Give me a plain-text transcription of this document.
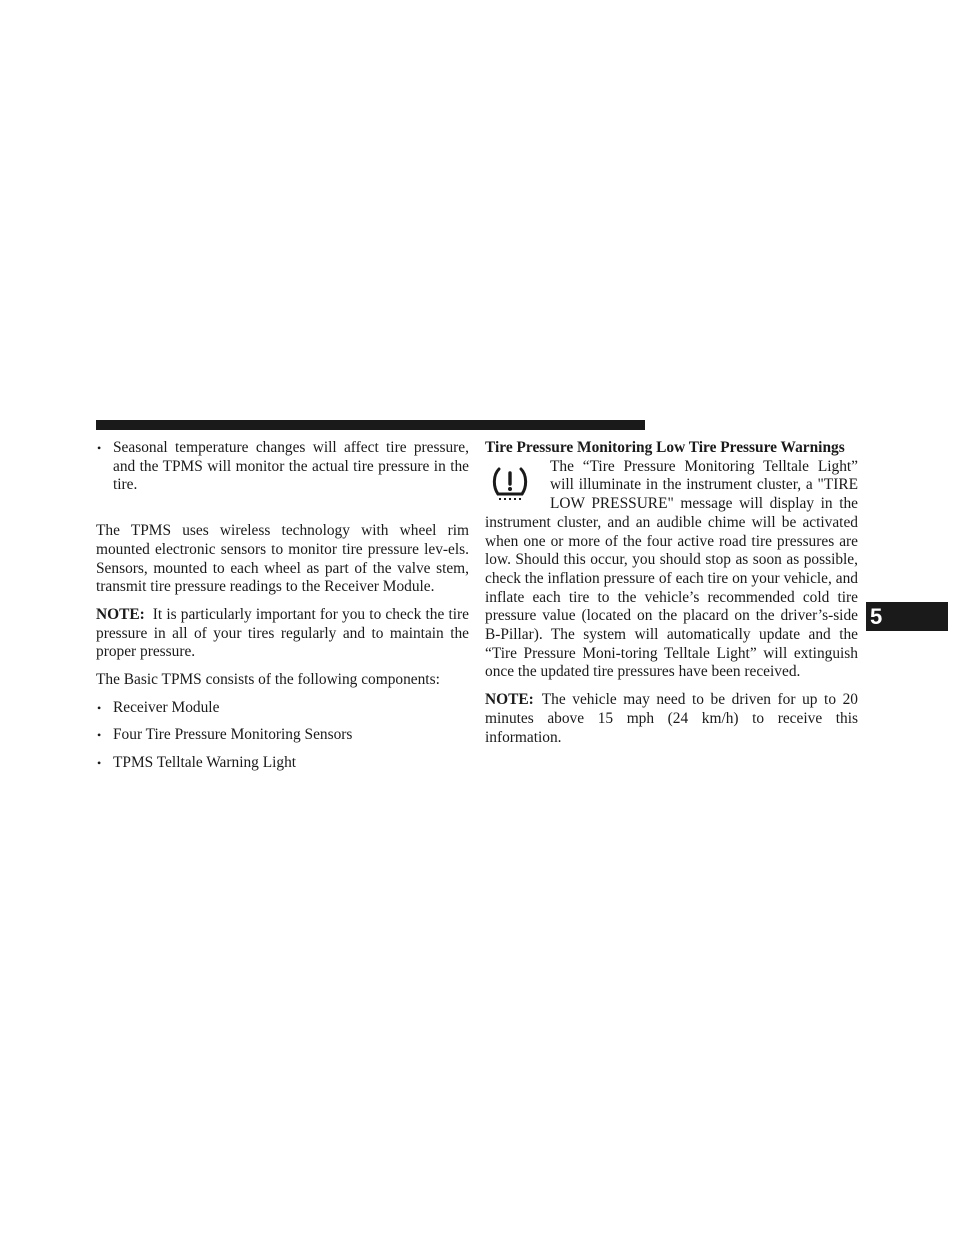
• Seasonal temperature changes will affect tire pressure, and the TPMS will monitor the actual tire pressure in the tire.

The TPMS uses wireless technology with wheel rim mounted electronic sensors to monitor tire pressure lev-els. Sensors, mounted to each wheel as part of the valve stem, transmit tire pressure readings to the Receiver Module.

NOTE: It is particularly important for you to check the tire pressure in all of your tires regularly and to maintain the proper pressure.

The Basic TPMS consists of the following components:

• Receiver Module
• Four Tire Pressure Monitoring Sensors
• TPMS Telltale Warning Light

Tire Pressure Monitoring Low Tire Pressure Warnings

The “Tire Pressure Monitoring Telltale Light” will illuminate in the instrument cluster, a "TIRE LOW PRESSURE" message will display in the instrument cluster, and an audible chime will be activated when one or more of the four active road tire pressures are low. Should this occur, you should stop as soon as possible, check the inflation pressure of each tire on your vehicle, and inflate each tire to the vehicle’s recommended cold tire pressure value (located on the placard on the driver’s-side B-Pillar). The system will automatically update and the “Tire Pressure Moni-toring Telltale Light” will extinguish once the updated tire pressures have been received.

NOTE: The vehicle may need to be driven for up to 20 minutes above 15 mph (24 km/h) to receive this information.

5
